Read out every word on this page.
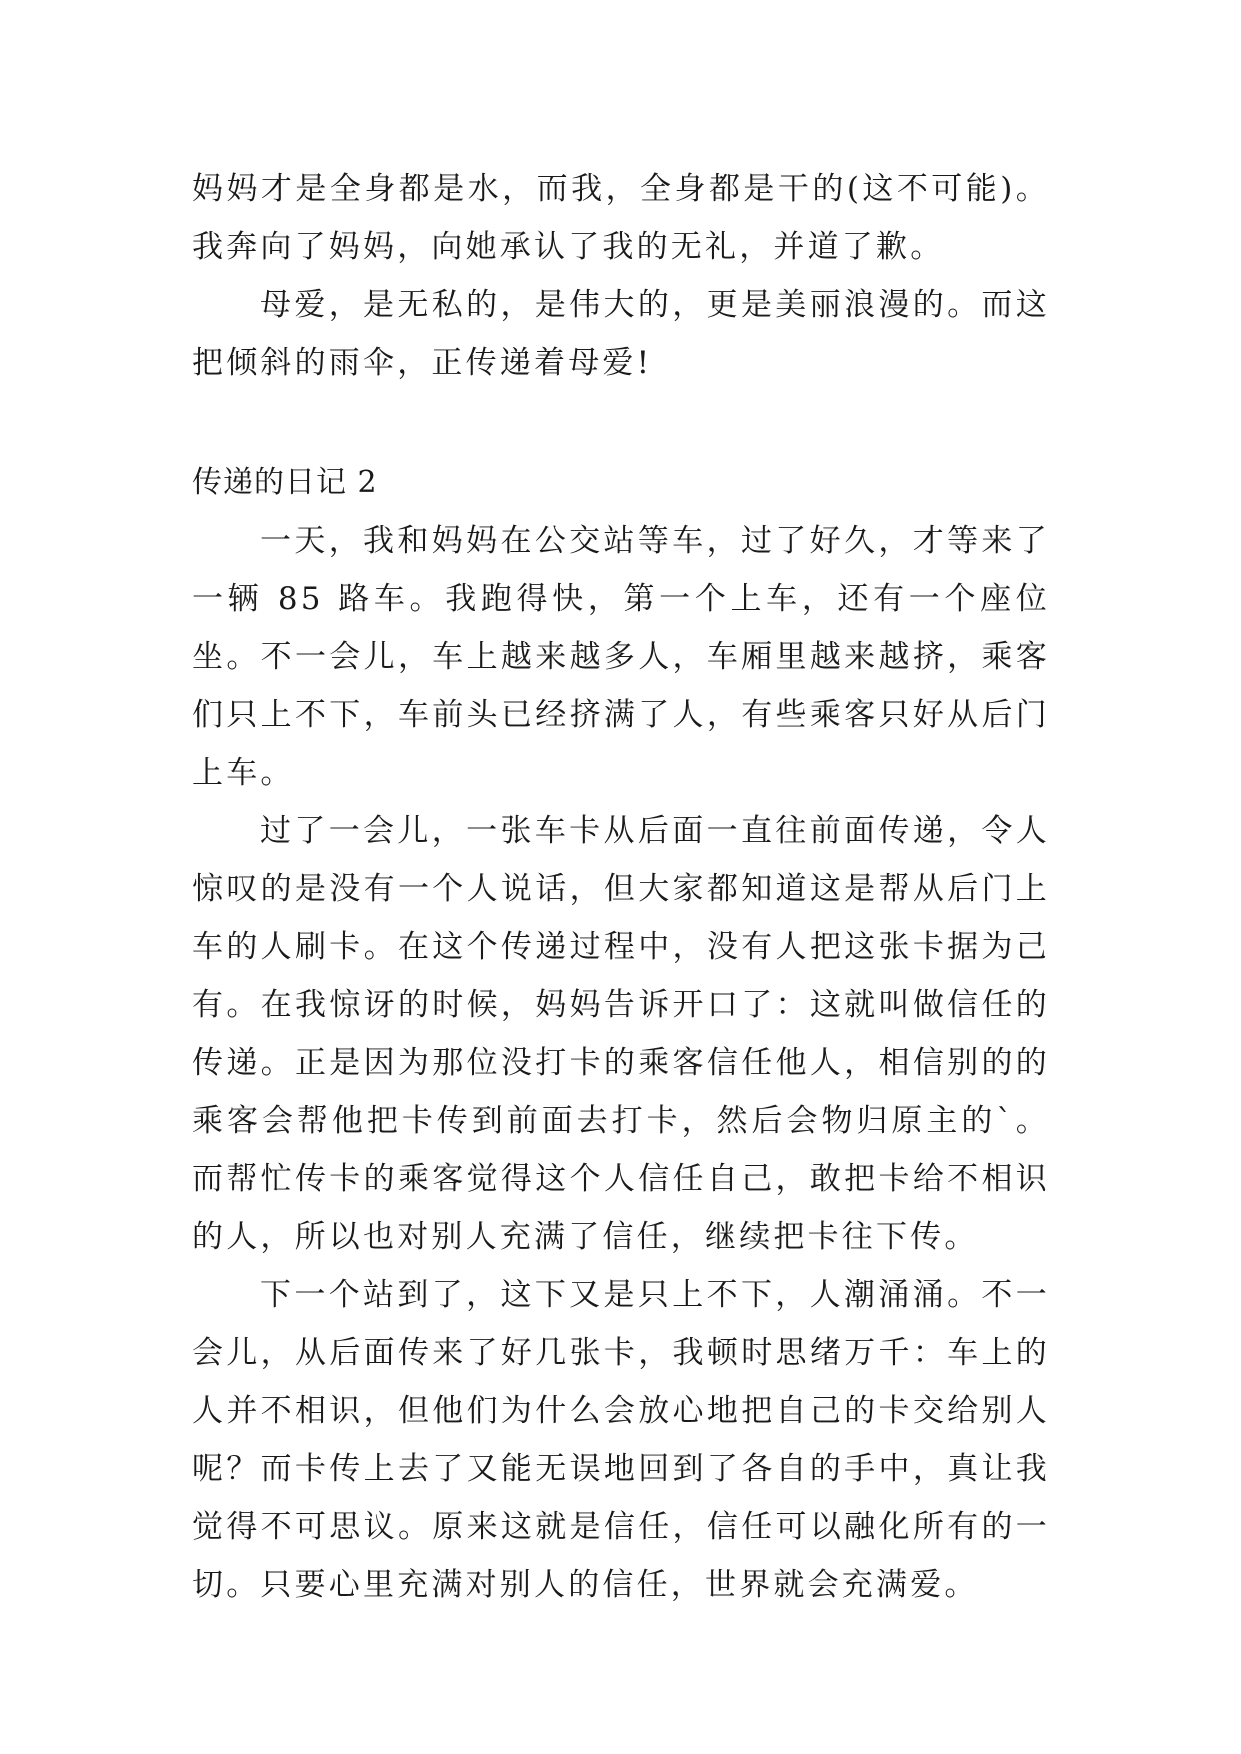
妈妈才是全身都是水，而我，全身都是干的(这不可能)。我奔向了妈妈，向她承认了我的无礼，并道了歉。

母爱，是无私的，是伟大的，更是美丽浪漫的。而这把倾斜的雨伞，正传递着母爱!

传递的日记 2

一天，我和妈妈在公交站等车，过了好久，才等来了一辆 85 路车。我跑得快，第一个上车，还有一个座位坐。不一会儿，车上越来越多人，车厢里越来越挤，乘客们只上不下，车前头已经挤满了人，有些乘客只好从后门上车。

过了一会儿，一张车卡从后面一直往前面传递，令人惊叹的是没有一个人说话，但大家都知道这是帮从后门上车的人刷卡。在这个传递过程中，没有人把这张卡据为己有。在我惊讶的时候，妈妈告诉开口了：这就叫做信任的传递。正是因为那位没打卡的乘客信任他人，相信别的的乘客会帮他把卡传到前面去打卡，然后会物归原主的`。而帮忙传卡的乘客觉得这个人信任自己，敢把卡给不相识的人，所以也对别人充满了信任，继续把卡往下传。

下一个站到了，这下又是只上不下，人潮涌涌。不一会儿，从后面传来了好几张卡，我顿时思绪万千：车上的人并不相识，但他们为什么会放心地把自己的卡交给别人呢？而卡传上去了又能无误地回到了各自的手中，真让我觉得不可思议。原来这就是信任，信任可以融化所有的一切。只要心里充满对别人的信任，世界就会充满爱。
